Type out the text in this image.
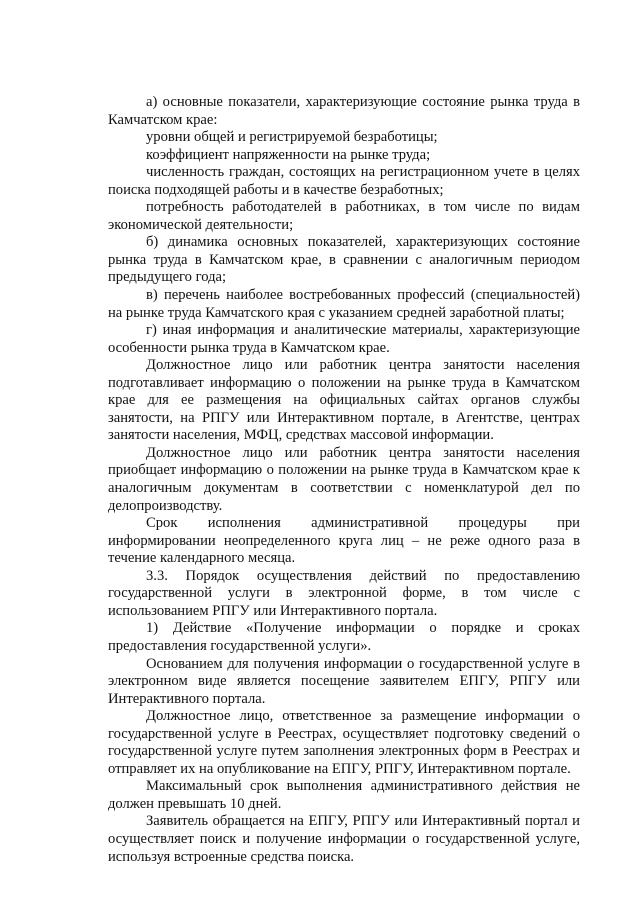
а) основные показатели, характеризующие состояние рынка труда в Камчатском крае:

уровни общей и регистрируемой безработицы;

коэффициент напряженности на рынке труда;

численность граждан, состоящих на регистрационном учете в целях поиска подходящей работы и в качестве безработных;

потребность работодателей в работниках, в том числе по видам экономической деятельности;

б) динамика основных показателей, характеризующих состояние рынка труда в Камчатском крае, в сравнении с аналогичным периодом предыдущего года;

в) перечень наиболее востребованных профессий (специальностей) на рынке труда Камчатского края с указанием средней заработной платы;

г) иная информация и аналитические материалы, характеризующие особенности рынка труда в Камчатском крае.

Должностное лицо или работник центра занятости населения подготавливает информацию о положении на рынке труда в Камчатском крае для ее размещения на официальных сайтах органов службы занятости, на РПГУ или Интерактивном портале, в Агентстве, центрах занятости населения, МФЦ, средствах массовой информации.

Должностное лицо или работник центра занятости населения приобщает информацию о положении на рынке труда в Камчатском крае к аналогичным документам в соответствии с номенклатурой дел по делопроизводству.

Срок исполнения административной процедуры при информировании неопределенного круга лиц – не реже одного раза в течение календарного месяца.

3.3. Порядок осуществления действий по предоставлению государственной услуги в электронной форме, в том числе с использованием РПГУ или Интерактивного портала.

1) Действие «Получение информации о порядке и сроках предоставления государственной услуги».

Основанием для получения информации о государственной услуге в электронном виде является посещение заявителем ЕПГУ, РПГУ или Интерактивного портала.

Должностное лицо, ответственное за размещение информации о государственной услуге в Реестрах, осуществляет подготовку сведений о государственной услуге путем заполнения электронных форм в Реестрах и отправляет их на опубликование на ЕПГУ, РПГУ, Интерактивном портале.

Максимальный срок выполнения административного действия не должен превышать 10 дней.

Заявитель обращается на ЕПГУ, РПГУ или Интерактивный портал и осуществляет поиск и получение информации о государственной услуге, используя встроенные средства поиска.
